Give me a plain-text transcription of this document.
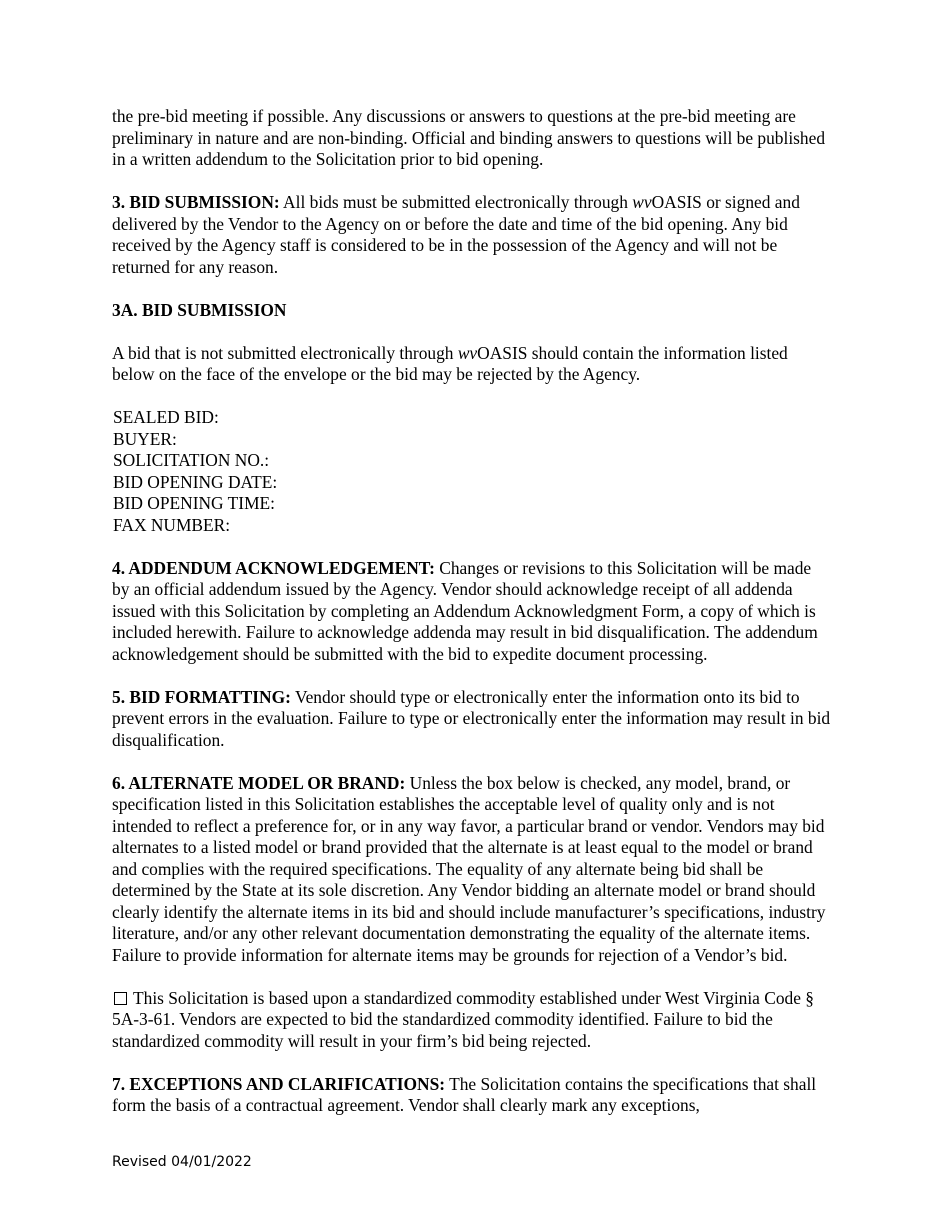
the pre-bid meeting if possible. Any discussions or answers to questions at the pre-bid meeting are preliminary in nature and are non-binding. Official and binding answers to questions will be published in a written addendum to the Solicitation prior to bid opening.

3. BID SUBMISSION: All bids must be submitted electronically through wvOASIS or signed and delivered by the Vendor to the Agency on or before the date and time of the bid opening. Any bid received by the Agency staff is considered to be in the possession of the Agency and will not be returned for any reason.

3A. BID SUBMISSION

A bid that is not submitted electronically through wvOASIS should contain the information listed below on the face of the envelope or the bid may be rejected by the Agency.

SEALED BID:
BUYER:
SOLICITATION NO.:
BID OPENING DATE:
BID OPENING TIME:
FAX NUMBER:

4. ADDENDUM ACKNOWLEDGEMENT: Changes or revisions to this Solicitation will be made by an official addendum issued by the Agency. Vendor should acknowledge receipt of all addenda issued with this Solicitation by completing an Addendum Acknowledgment Form, a copy of which is included herewith. Failure to acknowledge addenda may result in bid disqualification. The addendum acknowledgement should be submitted with the bid to expedite document processing.

5. BID FORMATTING: Vendor should type or electronically enter the information onto its bid to prevent errors in the evaluation. Failure to type or electronically enter the information may result in bid disqualification.

6. ALTERNATE MODEL OR BRAND: Unless the box below is checked, any model, brand, or specification listed in this Solicitation establishes the acceptable level of quality only and is not intended to reflect a preference for, or in any way favor, a particular brand or vendor. Vendors may bid alternates to a listed model or brand provided that the alternate is at least equal to the model or brand and complies with the required specifications. The equality of any alternate being bid shall be determined by the State at its sole discretion. Any Vendor bidding an alternate model or brand should clearly identify the alternate items in its bid and should include manufacturer’s specifications, industry literature, and/or any other relevant documentation demonstrating the equality of the alternate items. Failure to provide information for alternate items may be grounds for rejection of a Vendor’s bid.

This Solicitation is based upon a standardized commodity established under West Virginia Code § 5A-3-61. Vendors are expected to bid the standardized commodity identified. Failure to bid the standardized commodity will result in your firm’s bid being rejected.

7. EXCEPTIONS AND CLARIFICATIONS: The Solicitation contains the specifications that shall form the basis of a contractual agreement. Vendor shall clearly mark any exceptions,

Revised 04/01/2022
